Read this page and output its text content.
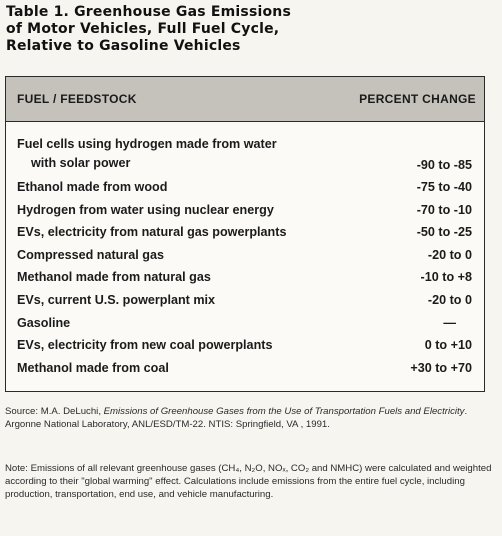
Table 1. Greenhouse Gas Emissions
of Motor Vehicles, Full Fuel Cycle,
Relative to Gasoline Vehicles
FUEL / FEEDSTOCK	PERCENT CHANGE
Fuel cells using hydrogen made from water
with solar power	-90 to -85
Ethanol made from wood	-75 to -40
Hydrogen from water using nuclear energy	-70 to -10
EVs, electricity from natural gas powerplants	-50 to -25
Compressed natural gas	-20 to 0
Methanol made from natural gas	-10 to +8
EVs, current U.S. powerplant mix	-20 to 0
Gasoline	—
EVs, electricity from new coal powerplants	0 to +10
Methanol made from coal	+30 to +70
Source: M.A. DeLuchi, Emissions of Greenhouse Gases from the Use of Transportation Fuels and Electricity. Argonne National Laboratory, ANL/ESD/TM-22. NTIS: Springfield, VA , 1991.
Note: Emissions of all relevant greenhouse gases (CH₄, N₂O, NOₓ, CO₂ and NMHC) were calculated and weighted according to their "global warming" effect. Calculations include emissions from the entire fuel cycle, including production, transportation, end use, and vehicle manufacturing.
